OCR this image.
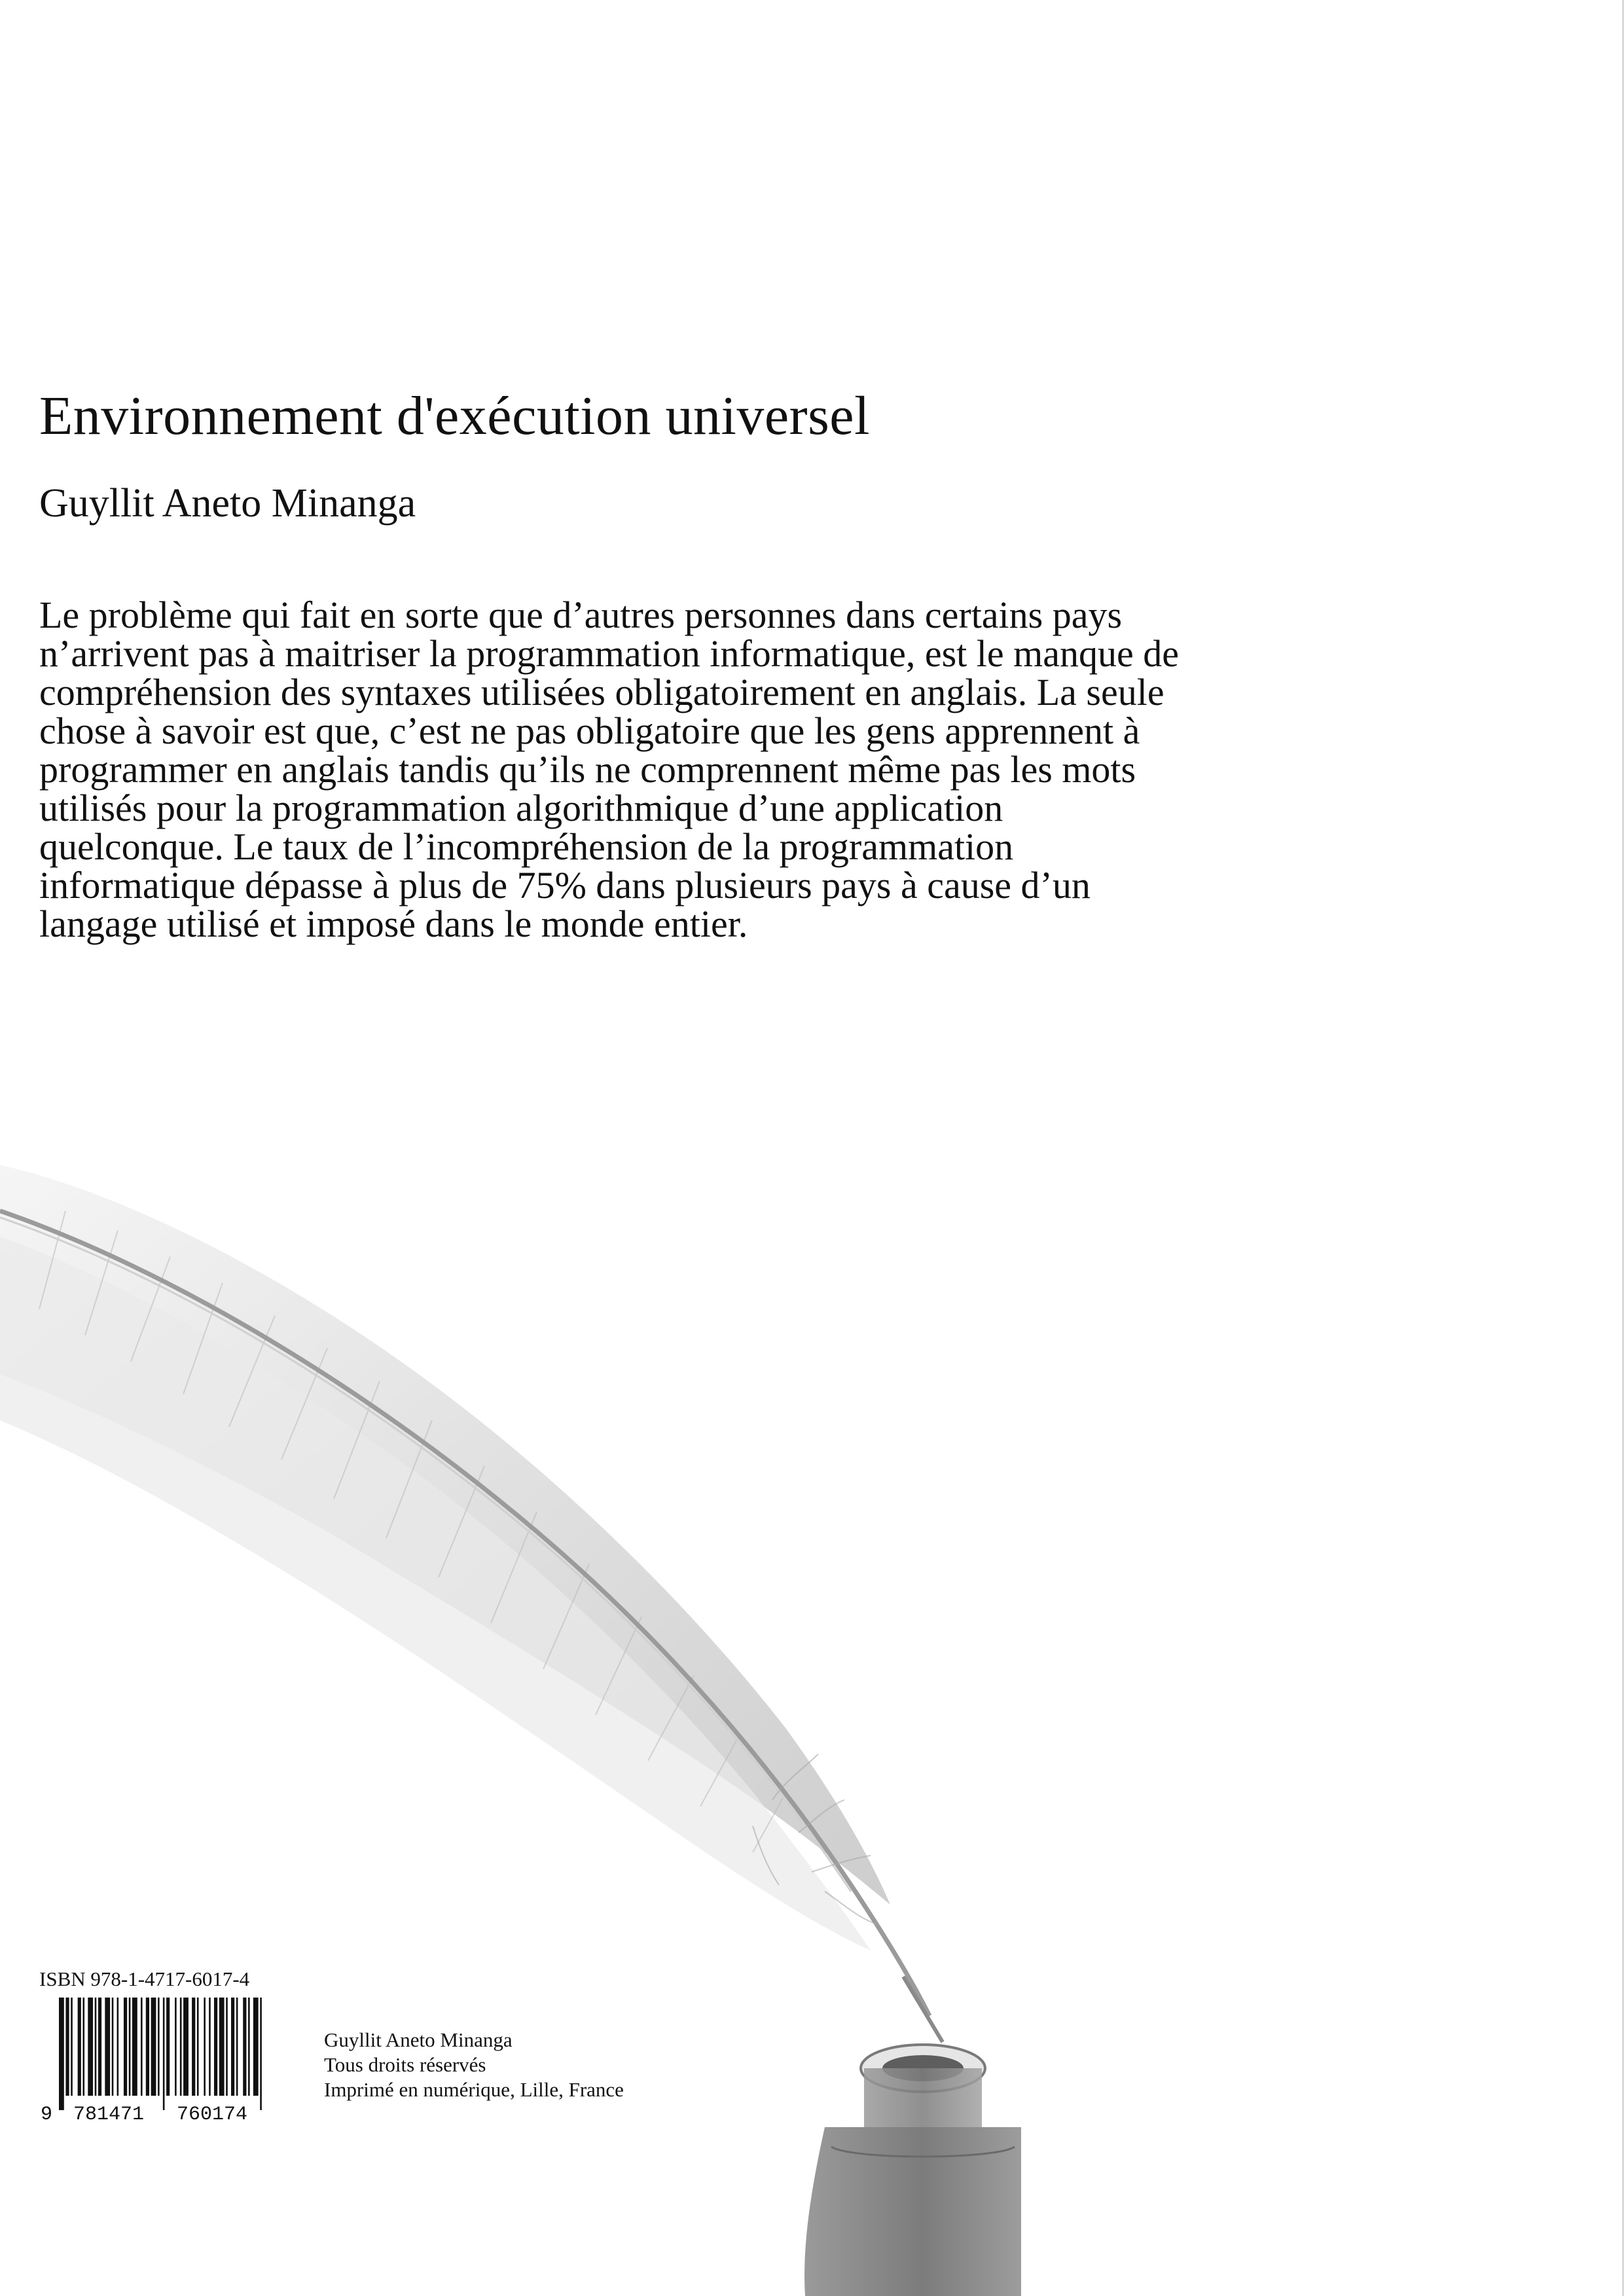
Environnement d'exécution universel
Guyllit Aneto Minanga

Le problème qui fait en sorte que d’autres personnes dans certains pays n’arrivent pas à maitriser la programmation informatique, est le manque de compréhension des syntaxes utilisées obligatoirement en anglais. La seule chose à savoir est que, c’est ne pas obligatoire que les gens apprennent à programmer en anglais tandis qu’ils ne comprennent même pas les mots utilisés pour la programmation algorithmique d’une application quelconque. Le taux de l’incompréhension de la programmation informatique dépasse à plus de 75% dans plusieurs pays à cause d’un langage utilisé et imposé dans le monde entier.

ISBN 978-1-4717-6017-4
9 781471 760174
Guyllit Aneto Minanga
Tous droits réservés
Imprimé en numérique, Lille, France
